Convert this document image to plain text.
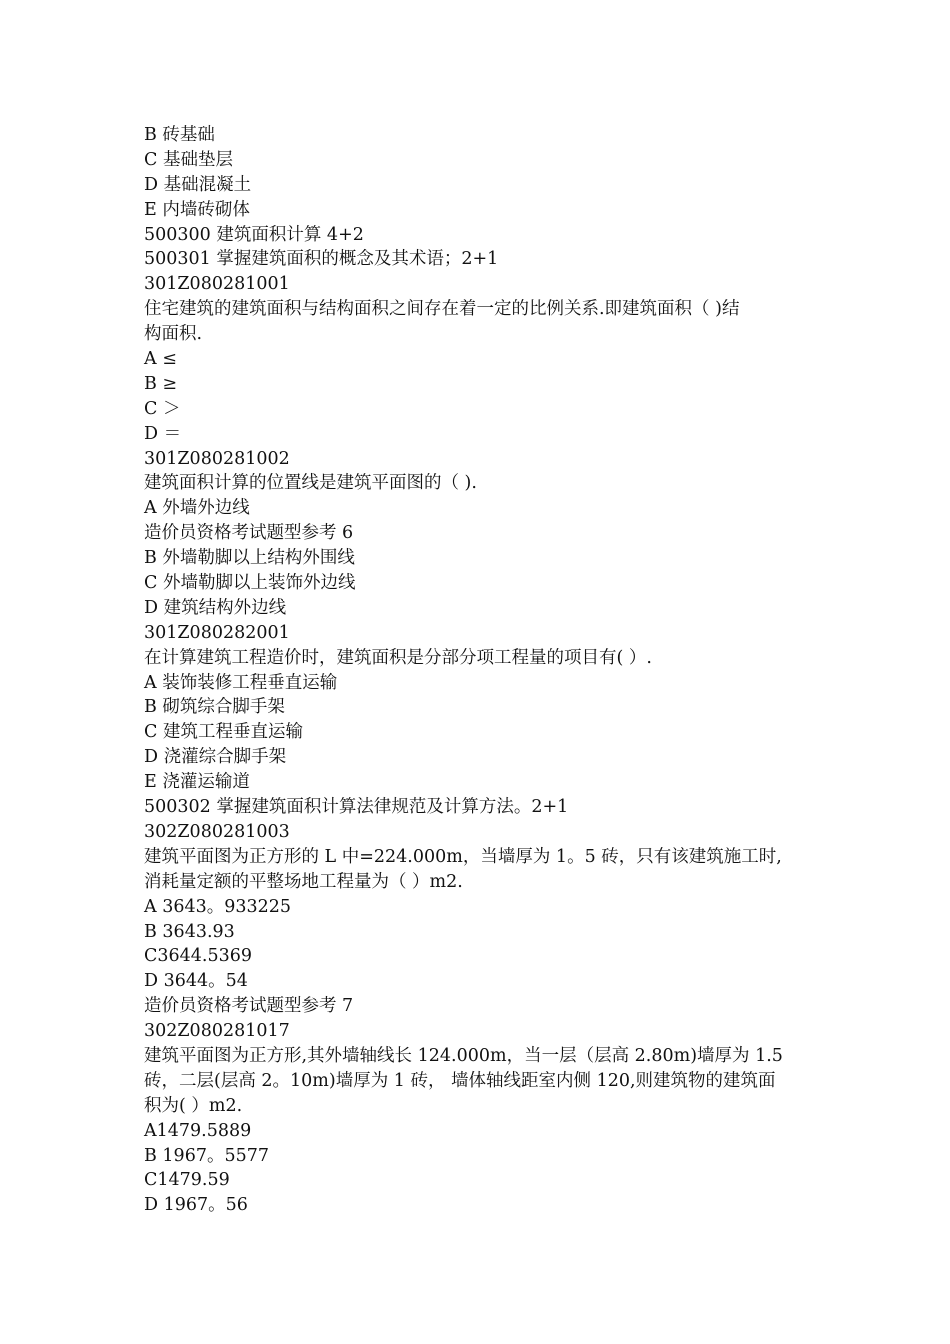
B 砖基础
C 基础垫层
D 基础混凝土
E 内墙砖砌体
500300 建筑面积计算 4+2
500301 掌握建筑面积的概念及其术语；2+1
301Z080281001
住宅建筑的建筑面积与结构面积之间存在着一定的比例关系.即建筑面积（ )结
构面积.
A ≤
B ≥
C ＞
D ＝
301Z080281002
建筑面积计算的位置线是建筑平面图的（ ).
A 外墙外边线
造价员资格考试题型参考 6
B 外墙勒脚以上结构外围线
C 外墙勒脚以上装饰外边线
D 建筑结构外边线
301Z080282001
在计算建筑工程造价时，建筑面积是分部分项工程量的项目有( ）.
A 装饰装修工程垂直运输
B 砌筑综合脚手架
C 建筑工程垂直运输
D 浇灌综合脚手架
E 浇灌运输道
500302 掌握建筑面积计算法律规范及计算方法。2+1
302Z080281003
建筑平面图为正方形的 L 中=224.000m，当墙厚为 1。5 砖，只有该建筑施工时,
消耗量定额的平整场地工程量为（ ）m2.
A 3643。933225
B 3643.93
C3644.5369
D 3644。54
造价员资格考试题型参考 7
302Z080281017
建筑平面图为正方形,其外墙轴线长 124.000m，当一层（层高 2.80m)墙厚为 1.5
砖，二层(层高 2。10m)墙厚为 1 砖， 墙体轴线距室内侧 120,则建筑物的建筑面
积为( ）m2.
A1479.5889
B 1967。5577
C1479.59
D 1967。56
